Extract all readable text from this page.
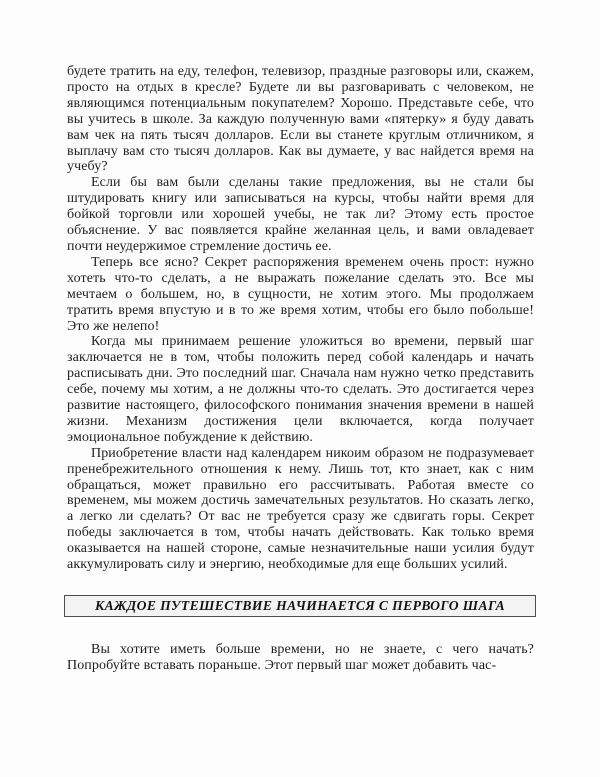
будете тратить на еду, телефон, телевизор, праздные разговоры или, скажем, просто на отдых в кресле? Будете ли вы разговаривать с человеком, не являющимся потенциальным покупателем? Хорошо. Представьте себе, что вы учитесь в школе. За каждую полученную вами «пятерку» я буду давать вам чек на пять тысяч долларов. Если вы станете круглым отличником, я выплачу вам сто тысяч долларов. Как вы думаете, у вас найдется время на учебу?

Если бы вам были сделаны такие предложения, вы не стали бы штудировать книгу или записываться на курсы, чтобы найти время для бойкой торговли или хорошей учебы, не так ли? Этому есть простое объяснение. У вас появляется крайне желанная цель, и вами овладевает почти неудержимое стремление достичь ее.

Теперь все ясно? Секрет распоряжения временем очень прост: нужно хотеть что-то сделать, а не выражать пожелание сделать это. Все мы мечтаем о большем, но, в сущности, не хотим этого. Мы продолжаем тратить время впустую и в то же время хотим, чтобы его было побольше! Это же нелепо!

Когда мы принимаем решение уложиться во времени, первый шаг заключается не в том, чтобы положить перед собой календарь и начать расписывать дни. Это последний шаг. Сначала нам нужно четко представить себе, почему мы хотим, а не должны что-то сделать. Это достигается через развитие настоящего, философского понимания значения времени в нашей жизни. Механизм достижения цели включается, когда получает эмоциональное побуждение к действию.

Приобретение власти над календарем никоим образом не подразумевает пренебрежительного отношения к нему. Лишь тот, кто знает, как с ним обращаться, может правильно его рассчитывать. Работая вместе со временем, мы можем достичь замечательных результатов. Но сказать легко, а легко ли сделать? От вас не требуется сразу же сдвигать горы. Секрет победы заключается в том, чтобы начать действовать. Как только время оказывается на нашей стороне, самые незначительные наши усилия будут аккумулировать силу и энергию, необходимые для еще больших усилий.

КАЖДОЕ ПУТЕШЕСТВИЕ НАЧИНАЕТСЯ С ПЕРВОГО ШАГА

Вы хотите иметь больше времени, но не знаете, с чего начать? Попробуйте вставать пораньше. Этот первый шаг может добавить час-
